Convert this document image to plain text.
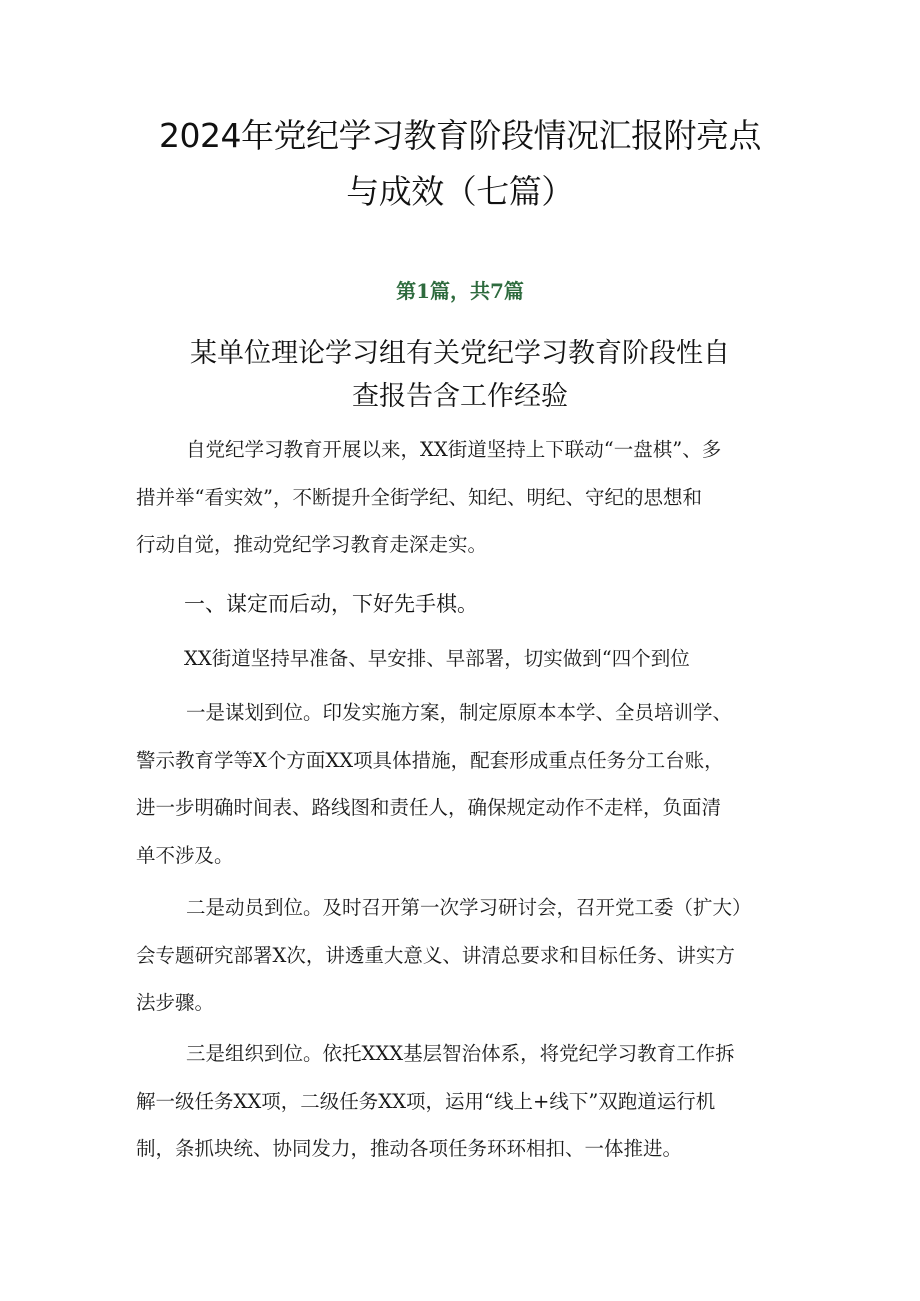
2024年党纪学习教育阶段情况汇报附亮点
与成效（七篇）
第1篇，共7篇
某单位理论学习组有关党纪学习教育阶段性自
查报告含工作经验
自党纪学习教育开展以来，XX街道坚持上下联动“一盘棋”、多
措并举“看实效”，不断提升全街学纪、知纪、明纪、守纪的思想和
行动自觉，推动党纪学习教育走深走实。
一、谋定而后动，下好先手棋。
XX街道坚持早准备、早安排、早部署，切实做到“四个到位
一是谋划到位。印发实施方案，制定原原本本学、全员培训学、
警示教育学等X个方面XX项具体措施，配套形成重点任务分工台账，
进一步明确时间表、路线图和责任人，确保规定动作不走样，负面清
单不涉及。
二是动员到位。及时召开第一次学习研讨会，召开党工委（扩大）
会专题研究部署X次，讲透重大意义、讲清总要求和目标任务、讲实方
法步骤。
三是组织到位。依托XXX基层智治体系，将党纪学习教育工作拆
解一级任务XX项，二级任务XX项，运用“线上+线下”双跑道运行机
制，条抓块统、协同发力，推动各项任务环环相扣、一体推进。
